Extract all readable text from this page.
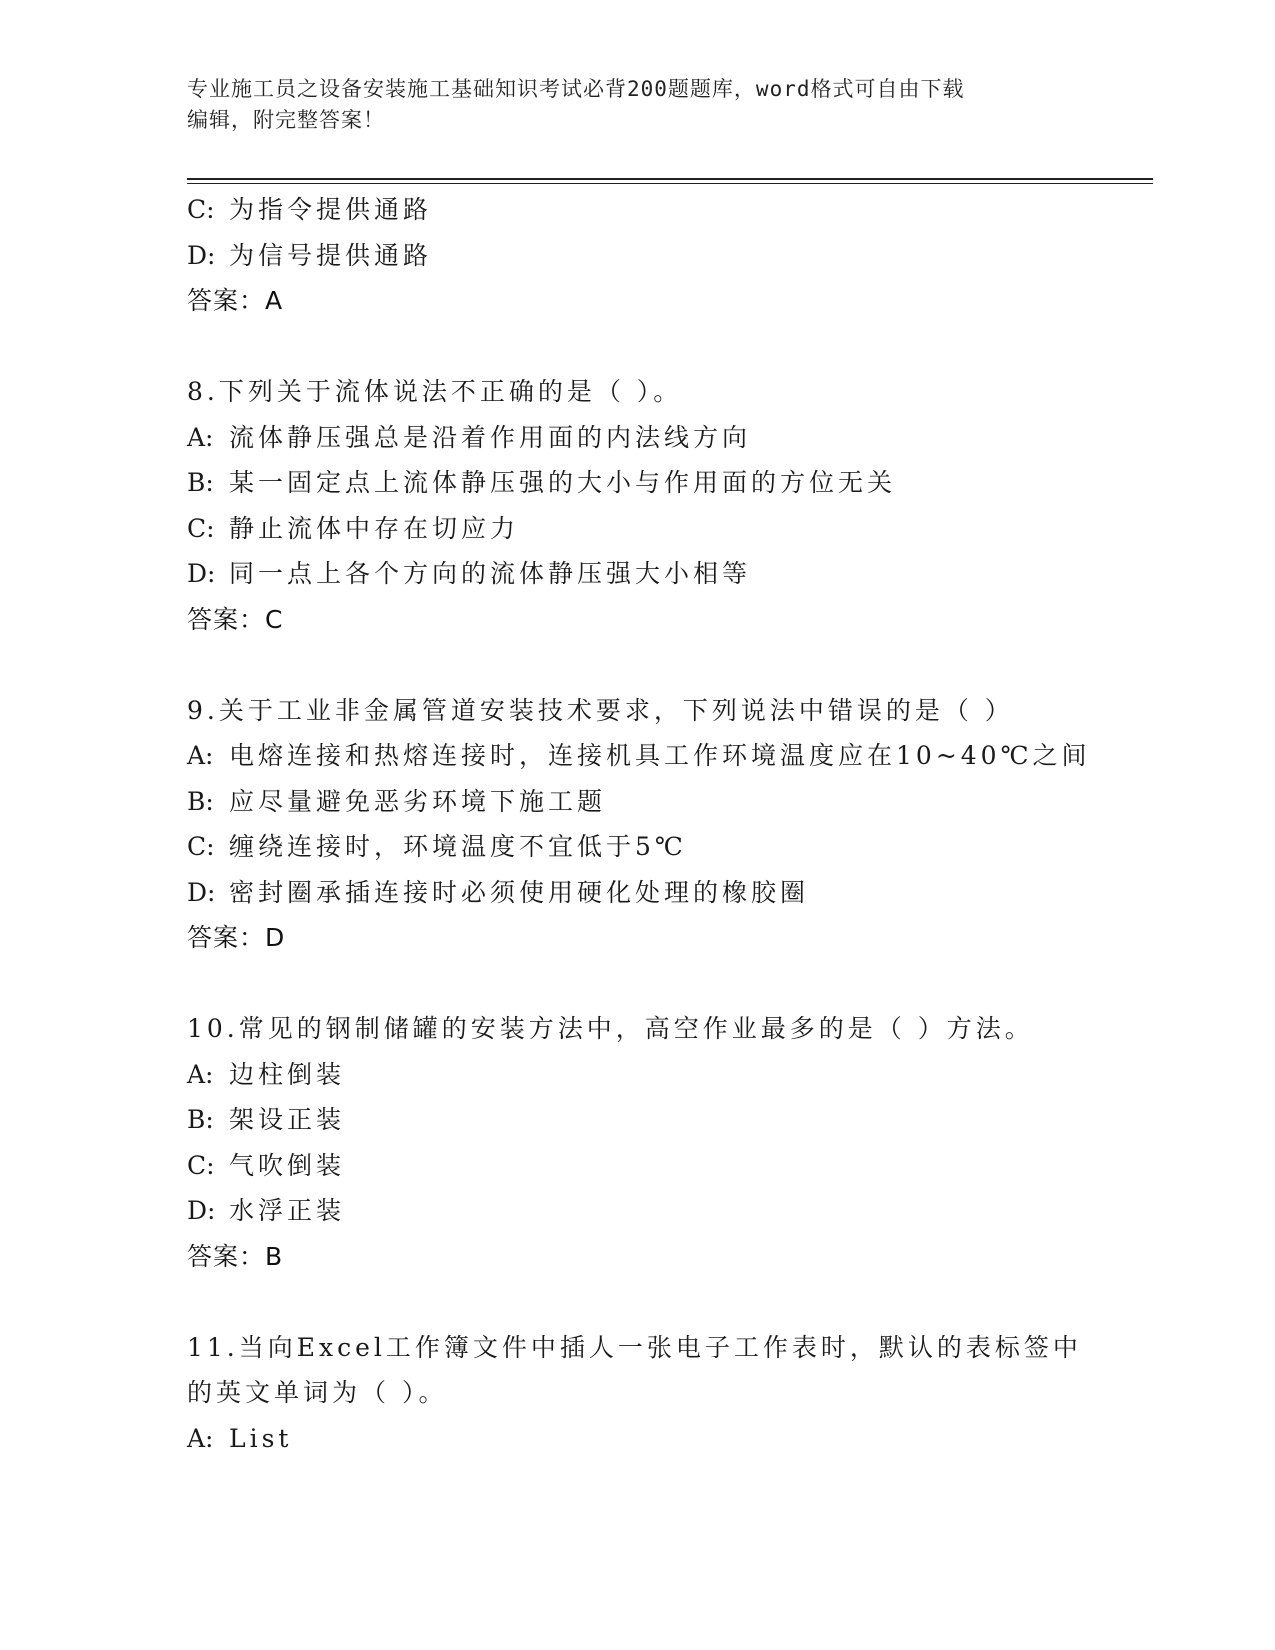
专业施工员之设备安装施工基础知识考试必背200题题库，word格式可自由下载
编辑，附完整答案！
C: 为指令提供通路
D: 为信号提供通路
答案：A
8.下列关于流体说法不正确的是（ ）。
A: 流体静压强总是沿着作用面的内法线方向
B: 某一固定点上流体静压强的大小与作用面的方位无关
C: 静止流体中存在切应力
D: 同一点上各个方向的流体静压强大小相等
答案：C
9.关于工业非金属管道安装技术要求，下列说法中错误的是（ ）
A: 电熔连接和热熔连接时，连接机具工作环境温度应在10~40℃之间
B: 应尽量避免恶劣环境下施工题
C: 缠绕连接时，环境温度不宜低于5℃
D: 密封圈承插连接时必须使用硬化处理的橡胶圈
答案：D
10.常见的钢制储罐的安装方法中，高空作业最多的是（ ）方法。
A: 边柱倒装
B: 架设正装
C: 气吹倒装
D: 水浮正装
答案：B
11.当向Excel工作簿文件中插人一张电子工作表时，默认的表标签中
的英文单词为（ ）。
A: List
